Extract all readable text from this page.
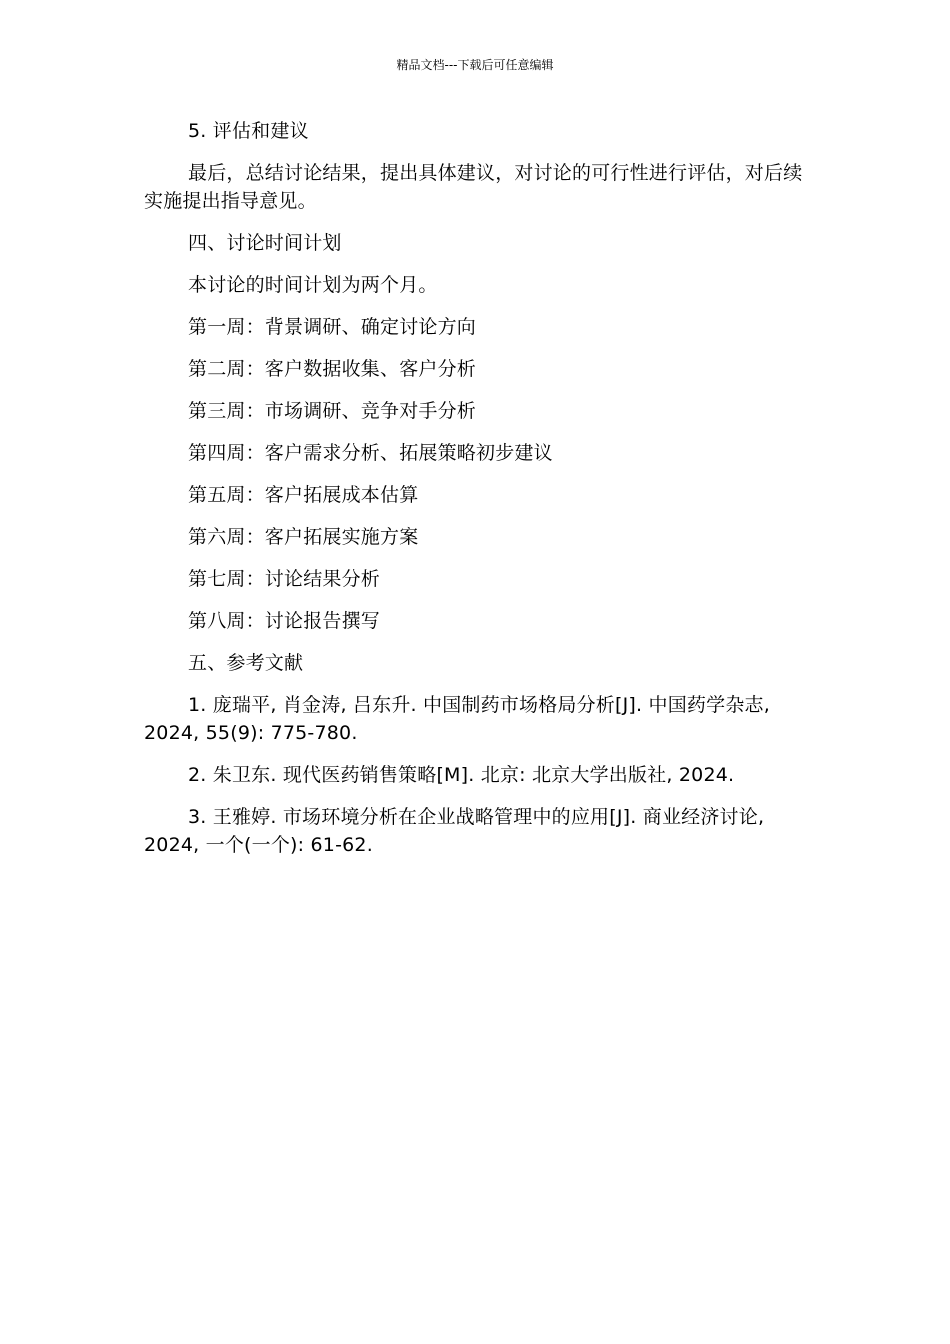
精品文档---下载后可任意编辑

5. 评估和建议

最后，总结讨论结果，提出具体建议，对讨论的可行性进行评估，对后续实施提出指导意见。

四、讨论时间计划

本讨论的时间计划为两个月。

第一周：背景调研、确定讨论方向

第二周：客户数据收集、客户分析

第三周：市场调研、竞争对手分析

第四周：客户需求分析、拓展策略初步建议

第五周：客户拓展成本估算

第六周：客户拓展实施方案

第七周：讨论结果分析

第八周：讨论报告撰写

五、参考文献

1. 庞瑞平, 肖金涛, 吕东升. 中国制药市场格局分析[J]. 中国药学杂志, 2024, 55(9): 775-780.

2. 朱卫东. 现代医药销售策略[M]. 北京: 北京大学出版社, 2024.

3. 王雅婷. 市场环境分析在企业战略管理中的应用[J]. 商业经济讨论, 2024, 一个(一个): 61-62.
